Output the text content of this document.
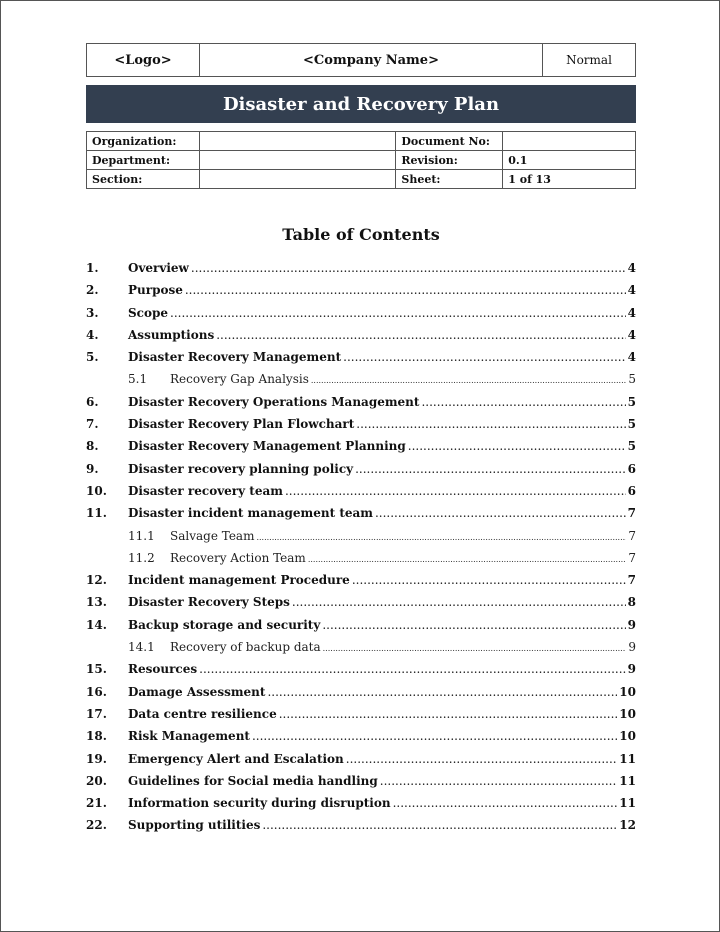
<Logo>	<Company Name>	Normal
Disaster and Recovery Plan
Organization:		Document No:	
Department:		Revision:	0.1
Section:		Sheet:	1 of 13
Table of Contents
1.	Overview .....	4
2.	Purpose .....	4
3.	Scope .....	4
4.	Assumptions .....	4
5.	Disaster Recovery Management .....	4
5.1	Recovery Gap Analysis .....	5
6.	Disaster Recovery Operations Management .....	5
7.	Disaster Recovery Plan Flowchart .....	5
8.	Disaster Recovery Management Planning .....	5
9.	Disaster recovery planning policy .....	6
10.	Disaster recovery team .....	6
11.	Disaster incident management team .....	7
11.1	Salvage Team .....	7
11.2	Recovery Action Team .....	7
12.	Incident management Procedure .....	7
13.	Disaster Recovery Steps .....	8
14.	Backup storage and security .....	9
14.1	Recovery of backup data .....	9
15.	Resources .....	9
16.	Damage Assessment .....	10
17.	Data centre resilience .....	10
18.	Risk Management .....	10
19.	Emergency Alert and Escalation .....	11
20.	Guidelines for Social media handling .....	11
21.	Information security during disruption .....	11
22.	Supporting utilities .....	12
